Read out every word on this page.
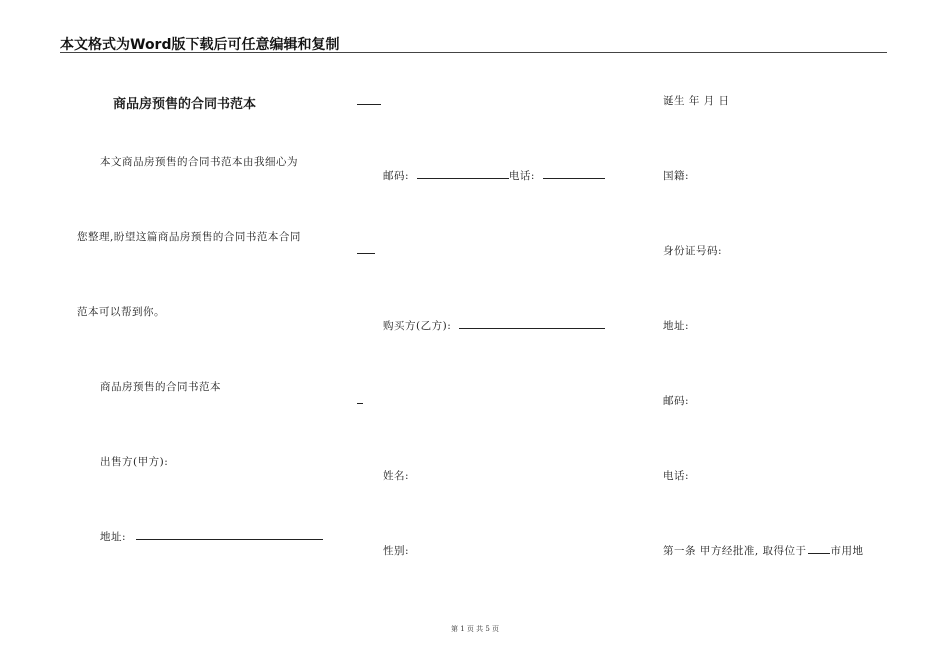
本文格式为Word版下载后可任意编辑和复制
商品房预售的合同书范本
本文商品房预售的合同书范本由我细心为
您整理,盼望这篇商品房预售的合同书范本合同
范本可以帮到你。
商品房预售的合同书范本
出售方(甲方):
地址:
邮码:	电话:
购买方(乙方):
姓名:
性别:
诞生 年 月 日
国籍:
身份证号码:
地址:
邮码:
电话:
第一条 甲方经批准, 取得位于 市用地
第 1 页 共 5 页
